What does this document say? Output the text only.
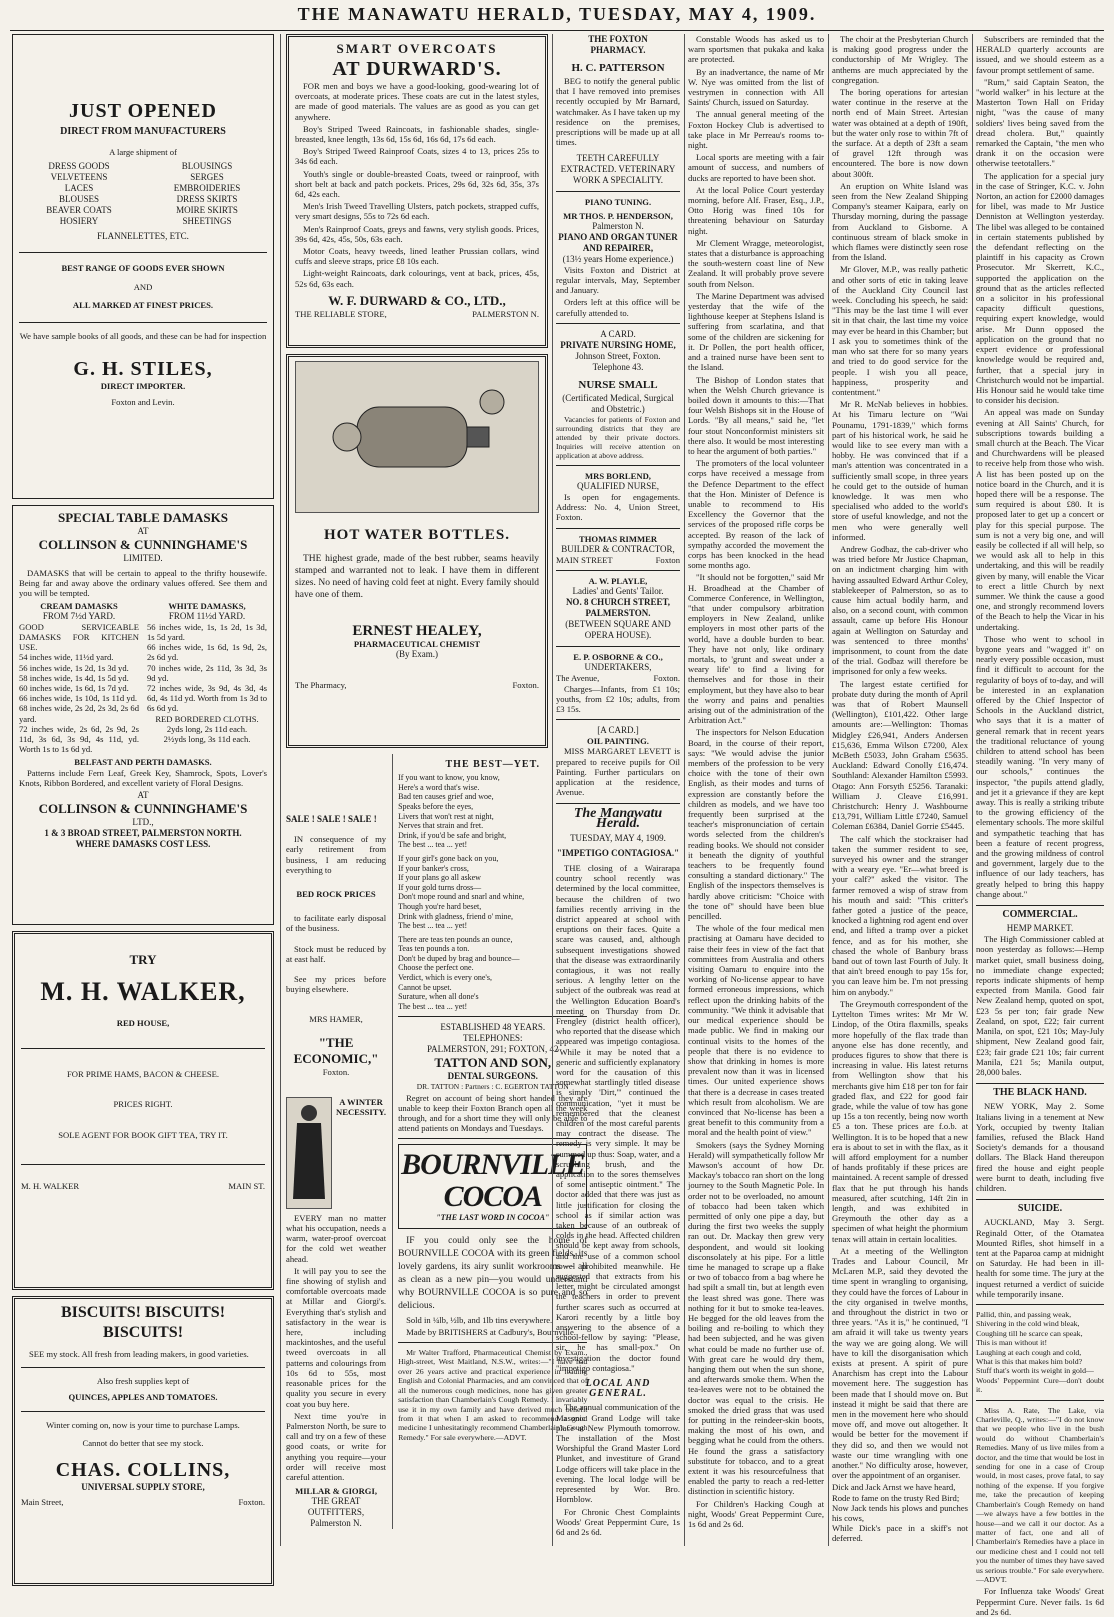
THE MANAWATU HERALD, TUESDAY, MAY 4, 1909.
JUST OPENED
DIRECT FROM MANUFACTURERS
A large shipment of
DRESS GOODS
VELVETEENS
LACES
BLOUSES
BEAVER COATS
HOSIERY
BLOUSINGS
SERGES
EMBROIDERIES
DRESS SKIRTS
MOIRE SKIRTS
SHEETINGS
FLANNELETTES, ETC.
BEST RANGE OF GOODS EVER SHOWN
AND
ALL MARKED AT FINEST PRICES.
We have sample books of all goods, and these can be had for inspection
G. H. STILES,
DIRECT IMPORTER.
Foxton and Levin.
SPECIAL TABLE DAMASKS
AT
COLLINSON & CUNNINGHAME'S
LIMITED.

DAMASKS that will be certain to appeal to the thrifty housewife. Being far and away above the ordinary values offered. See them and you will be tempted.

CREAM DAMASKS
FROM 7½d YARD.
GOOD SERVICEABLE DAMASKS FOR KITCHEN USE.
54 inches wide, 11½d yard.
56 inches wide, 1s 2d, 1s 3d yd.
58 inches wide, 1s 4d, 1s 5d yd.
60 inches wide, 1s 6d, 1s 7d yd.
66 inches wide, 1s 10d, 1s 11d yd.
68 inches wide, 2s 2d, 2s 3d, 2s 6d yard.
72 inches wide, 2s 6d, 2s 9d, 2s 11d, 3s 6d, 3s 9d, 4s 11d, yd. Worth 1s to 1s 6d yd.
WHITE DAMASKS,
FROM 11½d YARD.
56 inches wide, 1s, 1s 2d, 1s 3d, 1s 5d yard.
66 inches wide, 1s 6d, 1s 9d, 2s, 2s 6d yd.
70 inches wide, 2s 11d, 3s 3d, 3s 9d yd.
72 inches wide, 3s 9d, 4s 3d, 4s 6d, 4s 11d yd. Worth from 1s 3d to 6s 6d yd.
RED BORDERED CLOTHS.
2yds long, 2s 11d each.
2½yds long, 3s 11d each.
BELFAST AND PERTH DAMASKS.

Patterns include Fern Leaf, Greek Key, Shamrock, Spots, Lover's Knots, Ribbon Bordered, and excellent variety of Floral Designs.

AT
COLLINSON & CUNNINGHAME'S
LTD.,
1 & 3 BROAD STREET, PALMERSTON NORTH.
WHERE DAMASKS COST LESS.
TRY
M. H. WALKER,
RED HOUSE,
FOR PRIME HAMS, BACON & CHEESE.
PRICES RIGHT.
SOLE AGENT FOR BOOK GIFT TEA, TRY IT.
M. H. WALKER	MAIN ST.
BISCUITS! BISCUITS! BISCUITS!

SEE my stock. All fresh from leading makers, in good varieties.

Also fresh supplies kept of
QUINCES, APPLES AND TOMATOES.
Winter coming on, now is your time to purchase Lamps.
Cannot do better that see my stock.
CHAS. COLLINS,
UNIVERSAL SUPPLY STORE,
Main Street,	Foxton.
SMART OVERCOATS
AT DURWARD'S.

FOR men and boys we have a good-looking, good-wearing lot of overcoats, at moderate prices. These coats are cut in the latest styles, are made of good materials. The values are as good as you can get anywhere.

Boy's Striped Tweed Raincoats, in fashionable shades, single-breasted, knee length, 13s 6d, 15s 6d, 16s 6d, 17s 6d each.

Boy's Striped Tweed Rainproof Coats, sizes 4 to 13, prices 25s to 34s 6d each.

Youth's single or double-breasted Coats, tweed or rainproof, with short belt at back and patch pockets. Prices, 29s 6d, 32s 6d, 35s, 37s 6d, 42s each.

Men's Irish Tweed Travelling Ulsters, patch pockets, strapped cuffs, very smart designs, 55s to 72s 6d each.

Men's Rainproof Coats, greys and fawns, very stylish goods. Prices, 39s 6d, 42s, 45s, 50s, 63s each.

Motor Coats, heavy tweeds, lined leather Prussian collars, wind cuffs and sleeve straps, price £8 10s each.

Light-weight Raincoats, dark colourings, vent at back, prices, 45s, 52s 6d, 63s each.

W. F. DURWARD & CO., LTD.,
THE RELIABLE STORE,	PALMERSTON N.
HOT WATER BOTTLES.

THE highest grade, made of the best rubber, seams heavily stamped and warranted not to leak. I have them in different sizes. No need of having cold feet at night. Every family should have one of them.

ERNEST HEALEY,
PHARMACEUTICAL CHEMIST
(By Exam.)
The Pharmacy,	Foxton.
SALE ! SALE ! SALE !

IN consequence of my early retirement from business, I am reducing everything to

BED ROCK PRICES

to facilitate early disposal of the business.

Stock must be reduced by at east half.

See my prices before buying elsewhere.

MRS HAMER,
"THE ECONOMIC,"
Foxton.
A WINTER
NECESSITY.

EVERY man no matter what his occupation, needs a warm, water-proof overcoat for the cold wet weather ahead.

It will pay you to see the fine showing of stylish and comfortable overcoats made at Millar and Giorgi's. Everything that's stylish and satisfactory in the wear is here, including mackintoshes, and the useful tweed overcoats in all patterns and colourings from 10s 6d to 55s, most reasonable prices for the quality you secure in every coat you buy here.

Next time you're in Palmerston North, be sure to call and try on a few of these good coats, or write for anything you require—your order will receive most careful attention.

MILLAR & GIORGI,
THE GREAT OUTFITTERS,
Palmerston N.
THE BEST—YET.
If you want to know, you know,
Here's a word that's wise.
Bad ten causes grief and woe,
Speaks before the eyes,
Livers that won't rest at night,
Nerves that strain and fret.
Drink, if you'd be safe and bright,
The best ... tea ... yet!
If your girl's gone back on you,
If your banker's cross,
If your plans go all askew
If your gold turns dross—
Don't mope round and snarl and whine,
Though you're hard beset,
Drink with gladness, friend o' mine,
The best ... tea ... yet!
There are teas ten pounds an ounce,
Teas ten pounds a ton.
Don't be duped by brag and bounce—
Choose the perfect one.
Verdict, which is every one's,
Cannot be upset.
Surature, when all done's
The best ... tea ... yet!
ESTABLISHED 48 YEARS.
TELEPHONES:
PALMERSTON, 291; FOXTON, 42
TATTON AND SON,
DENTAL SURGEONS.
DR. TATTON : Partners : C. EGERTON TATTON

Regret on account of being short handed they are unable to keep their Foxton Branch open all the week through, and for a short time they will only be able to attend patients on Mondays and Tuesdays.

BOURNVILLE
COCOA
"THE LAST WORD IN COCOA"

IF you could only see the home of BOURNVILLE COCOA with its green fields, its lovely gardens, its airy sunlit workrooms — all as clean as a new pin—you would understand why BOURNVILLE COCOA is so pure and so delicious.

Sold in ¼lb, ½lb, and 1lb tins everywhere.

Made by BRITISHERS at Cadbury's, Bournville.

Mr Walter Trafford, Pharmaceutical Chemist by Exam., High-street, West Maitland, N.S.W., writes:—"I have had over 26 years active and practical experience in leading English and Colonial Pharmacies, and am convinced that of all the numerous cough medicines, none has given greater satisfaction than Chamberlain's Cough Remedy. I invariably use it in my own family and have derived much benefit from it that when I am asked to recommend a good medicine I unhesitatingly recommend Chamberlain's Cough Remedy." For sale everywhere.—ADVT.

THE FOXTON
PHARMACY.
H. C. PATTERSON

BEG to notify the general public that I have removed into premises recently occupied by Mr Barnard, watchmaker. As I have taken up my residence on the premises, prescriptions will be made up at all times.

TEETH CAREFULLY EXTRACTED. VETERINARY WORK A SPECIALITY.
PIANO TUNING.
MR THOS. P. HENDERSON,
Palmerston N.
PIANO AND ORGAN TUNER AND REPAIRER,
(13½ years Home experience.)

Visits Foxton and District at regular intervals, May, September and January.

Orders left at this office will be carefully attended to.

A CARD.
PRIVATE NURSING HOME,
Johnson Street, Foxton.
Telephone 43.
NURSE SMALL
(Certificated Medical, Surgical and Obstetric.)

Vacancies for patients of Foxton and surrounding districts that they are attended by their private doctors. Inquiries will receive attention on application at above address.

MRS BORLEND,
QUALIFIED NURSE,

Is open for engagements. Address: No. 4, Union Street, Foxton.

THOMAS RIMMER
BUILDER & CONTRACTOR,
MAIN STREET	Foxton
A. W. PLAYLE,
Ladies' and Gents' Tailor.
NO. 8 CHURCH STREET, PALMERSTON.
(BETWEEN SQUARE AND OPERA HOUSE).
E. P. OSBORNE & CO.,
UNDERTAKERS,
The Avenue,	Foxton.

Charges—Infants, from £1 10s; youths, from £2 10s; adults, from £3 15s.

[A CARD.]
OIL PAINTING.

MISS MARGARET LEVETT is prepared to receive pupils for Oil Painting. Further particulars on application at the residence, Avenue.

The Manawatu Herald.
TUESDAY, MAY 4, 1909.
"IMPETIGO CONTAGIOSA."

THE closing of a Wairarapa country school recently was determined by the local committee, because the children of two families recently arriving in the district appeared at school with eruptions on their faces. Quite a scare was caused, and, although subsequent investigations showed that the disease was extraordinarily contagious, it was not really serious. A lengthy letter on the subject of the outbreak was read at the Wellington Education Board's meeting on Thursday from Dr. Frengley (district health officer), who reported that the disease which appeared was impetigo contagiosa. "While it may be noted that a generic and sufficiently explanatory word for the causation of this somewhat startlingly titled disease is simply 'Dirt,'" continued the communication, "yet it must be remembered that the cleanest children of the most careful parents may contract the disease. The remedy is very simple. It may be summed up thus: Soap, water, and a scrubbing brush, and the application to the sores themselves of some antiseptic ointment." The doctor added that there was just as little justification for closing the school as if similar action was taken because of an outbreak of colds in the head. Affected children should be kept away from schools, and the use of a common school towel prohibited meanwhile. He suggested that extracts from his letter might be circulated amongst the teachers in order to prevent further scares such as occurred at Karori recently by a little boy answering to the absence of a school-fellow by saying: "Please, sir, he has small-pox." On investigation the doctor found "impetigo contagiosa."

LOCAL AND GENERAL.

The annual communication of the Masonic Grand Lodge will take place at New Plymouth tomorrow. The installation of the Most Worshipful the Grand Master Lord Plunket, and investiture of Grand Lodge officers will take place in the evening. The local lodge will be represented by Wor. Bro. Hornblow.

For Chronic Chest Complaints Woods' Great Peppermint Cure, 1s 6d and 2s 6d.

Constable Woods has asked us to warn sportsmen that pukaka and kaka are protected.

By an inadvertance, the name of Mr W. Nye was omitted from the list of vestrymen in connection with All Saints' Church, issued on Saturday.

The annual general meeting of the Foxton Hockey Club is advertised to take place in Mr Perreau's rooms to-night.

Local sports are meeting with a fair amount of success, and numbers of ducks are reported to have been shot.

At the local Police Court yesterday morning, before Alf. Fraser, Esq., J.P., Otto Horig was fined 10s for threatening behaviour on Saturday night.

Mr Clement Wragge, meteorologist, states that a disturbance is approaching the south-western coast line of New Zealand. It will probably prove severe south from Nelson.

The Marine Department was advised yesterday that the wife of the lighthouse keeper at Stephens Island is suffering from scarlatina, and that some of the children are sickening for it. Dr Pollen, the port health officer, and a trained nurse have been sent to the Island.

The Bishop of London states that when the Welsh Church grievance is boiled down it amounts to this:—That four Welsh Bishops sit in the House of Lords. "By all means," said he, "let four stout Nonconformist ministers sit there also. It would be most interesting to hear the argument of both parties."

The promoters of the local volunteer corps have received a message from the Defence Department to the effect that the Hon. Minister of Defence is unable to recommend to His Excellency the Governor that the services of the proposed rifle corps be accepted. By reason of the lack of sympathy accorded the movement the corps has been knocked in the head some months ago.

"It should not be forgotten," said Mr H. Broadhead at the Chamber of Commerce Conference, in Wellington, "that under compulsory arbitration employers in New Zealand, unlike employers in most other parts of the world, have a double burden to bear. They have not only, like ordinary mortals, to 'grunt and sweat under a weary life' to find a living for themselves and for those in their employment, but they have also to bear the worry and pains and penalties arising out of the administration of the Arbitration Act."

The inspectors for Nelson Education Board, in the course of their report, says: "We would advise the junior members of the profession to be very choice with the tone of their own English, as their modes and turns of expression are constantly before the children as models, and we have too frequently been surprised at the teacher's mispronunciation of certain words selected from the children's reading books. We should not consider it beneath the dignity of youthful teachers to be frequently found consulting a standard dictionary." The English of the inspectors themselves is hardly above criticism: "Choice with the tone of" should have been blue pencilled.

The whole of the four medical men practising at Oamaru have decided to raise their fees in view of the fact that committees from Australia and others visiting Oamaru to enquire into the working of No-license appear to have formed erroneous impressions, which reflect upon the drinking habits of the community. "We think it advisable that our medical experience should be made public. We find in making our continual visits to the homes of the people that there is no evidence to show that drinking in homes is more prevalent now than it was in licensed times. Our united experience shows that there is a decrease in cases treated which result from alcoholism. We are convinced that No-license has been a great benefit to this community from a moral and the health point of view."

Smokers (says the Sydney Morning Herald) will sympathetically follow Mr Mawson's account of how Dr. Mackay's tobacco ran short on the long journey to the South Magnetic Pole. In order not to be overloaded, no amount of tobacco had been taken which permitted of only one pipe a day, but during the first two weeks the supply ran out. Dr. Mackay then grew very despondent, and would sit looking disconsolately at his pipe. For a little time he managed to scrape up a flake or two of tobacco from a bag where he had spilt a small tin, but at length even the least shred was gone. There was nothing for it but to smoke tea-leaves. He begged for the old leaves from the boiling and re-boiling to which they had been subjected, and he was given what could be made no further use of. With great care he would dry them, hanging them out when the sun shone, and afterwards smoke them. When the tea-leaves were not to be obtained the doctor was equal to the crisis. He smoked the dried grass that was used for putting in the reindeer-skin boots, making the most of his own, and begging what he could from the others. He found the grass a satisfactory substitute for tobacco, and to a great extent it was his resourcefulness that enabled the party to reach a red-letter distinction in scientific history.

For Children's Hacking Cough at night, Woods' Great Peppermint Cure, 1s 6d and 2s 6d.

The choir at the Presbyterian Church is making good progress under the conductorship of Mr Wrigley. The anthems are much appreciated by the congregation.

The boring operations for artesian water continue in the reserve at the north end of Main Street. Artesian water was obtained at a depth of 190ft, but the water only rose to within 7ft of the surface. At a depth of 23ft a seam of gravel 12ft through was encountered. The bore is now down about 300ft.

An eruption on White Island was seen from the New Zealand Shipping Company's steamer Kaipara, early on Thursday morning, during the passage from Auckland to Gisborne. A continuous stream of black smoke in which flames were distinctly seen rose from the Island.

Mr Glover, M.P., was really pathetic and other sorts of etic in taking leave of the Auckland City Council last week. Concluding his speech, he said: "This may be the last time I will ever sit in that chair, the last time my voice may ever be heard in this Chamber; but I ask you to sometimes think of the man who sat there for so many years and tried to do good service for the people. I wish you all peace, happiness, prosperity and contentment."

Mr R. McNab believes in hobbies. At his Timaru lecture on "Wai Pounamu, 1791-1839," which forms part of his historical work, he said he would like to see every man with a hobby. He was convinced that if a man's attention was concentrated in a sufficiently small scope, in three years he could get to the outside of human knowledge. It was men who specialised who added to the world's store of useful knowledge, and not the men who were generally well informed.

Andrew Godbaz, the cab-driver who was tried before Mr Justice Chapman, on an indictment charging him with having assaulted Edward Arthur Coley, stablekeeper of Palmerston, so as to cause him actual bodily harm, and also, on a second count, with common assault, came up before His Honour again at Wellington on Saturday and was sentenced to three months' imprisonment, to count from the date of the trial. Godbaz will therefore be imprisoned for only a few weeks.

The largest estate certified for probate duty during the month of April was that of Robert Maunsell (Wellington), £101,422. Other large amounts are:—Wellington: Thomas Midgley £26,941, Anders Andersen £15,636, Emma Wilson £7200, Alex McBeth £5033, John Graham £5635. Auckland: Edward Conolly £16,474. Southland: Alexander Hamilton £5993. Otago: Ann Forsyth £5256. Taranaki: William J. Cleave £16,991. Christchurch: Henry J. Washbourne £13,791, William Little £7240, Samuel Coleman £6384, Daniel Gorrie £5445.

The calf which the stockraiser had taken the summer resident to see, surveyed his owner and the stranger with a weary eye. "Er—what breed is your calf?" asked the visitor. The farmer removed a wisp of straw from his mouth and said: "This critter's father goted a justice of the peace, knocked a lightning rod agent end over end, and lifted a tramp over a picket fence, and as for his mother, she chased the whole of Banbury brass band out of town last Fourth of July. It that ain't breed enough to pay 15s for, you can leave him be. I'm not pressing him on anybody."

The Greymouth correspondent of the Lyttelton Times writes: Mr Mr W. Lindop, of the Otira flaxmills, speaks more hopefully of the flax trade than anyone else has done recently, and produces figures to show that there is increasing in value. His latest returns from Wellington show that his merchants give him £18 per ton for fair graded flax, and £22 for good fair grade, while the value of tow has gone up 15s a ton recently, being now worth £5 a ton. These prices are f.o.b. at Wellington. It is to be hoped that a new era is about to set in with the flax, as it will afford employment for a number of hands profitably if these prices are maintained. A recent sample of dressed flax that he put through his hands measured, after scutching, 14ft 2in in length, and was exhibited in Greymouth the other day as a specimen of what height the phormium tenax will attain in certain localities.

At a meeting of the Wellington Trades and Labour Council, Mr McLaren M.P., said they devoted the time spent in wrangling to organising, they could have the forces of Labour in the city organised in twelve months, and throughout the district in two or three years. "As it is," he continued, "I am afraid it will take us twenty years the way we are going along. We will have to kill the disorganisation which exists at present. A spirit of pure Anarchism has crept into the Labour movement here. The suggestion has been made that I should move on. But instead it might be said that there are men in the movement here who should move off, and move out altogether. It would be better for the movement if they did so, and then we would not waste our time wrangling with one another." No difficulty arose, however, over the appointment of an organiser.

Dick and Jack Arnst we have heard,
Rode to fame on the trusty Red Bird;
Now Jack tends his plows and punches his cows,
While Dick's pace in a skiff's not deferred.

Subscribers are reminded that the HERALD quarterly accounts are issued, and we should esteem as a favour prompt settlement of same.

"Rum," said Captain Seaton, the "world walker" in his lecture at the Masterton Town Hall on Friday night, "was the cause of many soldiers' lives being saved from the dread cholera. But," quaintly remarked the Captain, "the men who drank it on the occasion were otherwise teetotallers."

The application for a special jury in the case of Stringer, K.C. v. John Norton, an action for £2000 damages for libel, was made to Mr Justice Denniston at Wellington yesterday. The libel was alleged to be contained in certain statements published by the defendant reflecting on the plaintiff in his capacity as Crown Prosecutor. Mr Skerrett, K.C., supported the application on the ground that as the articles reflected on a solicitor in his professional capacity difficult questions, requiring expert knowledge, would arise. Mr Dunn opposed the application on the ground that no expert evidence or professional knowledge would be required and, further, that a special jury in Christchurch would not be impartial. His Honour said he would take time to consider his decision.

An appeal was made on Sunday evening at All Saints' Church, for subscriptions towards building a small church at the Beach. The Vicar and Churchwardens will be pleased to receive help from those who wish. A list has been posted up on the notice board in the Church, and it is hoped there will be a response. The sum required is about £80. It is proposed later to get up a concert or play for this special purpose. The sum is not a very big one, and will easily be collected if all will help, so we would ask all to help in this undertaking, and this will be readily given by many, will enable the Vicar to erect a little Church by next summer. We think the cause a good one, and strongly recommend lovers of the Beach to help the Vicar in his undertaking.

Those who went to school in bygone years and "wagged it" on nearly every possible occasion, must find it difficult to account for the regularity of boys of to-day, and will be interested in an explanation offered by the Chief Inspector of Schools in the Auckland district, who says that it is a matter of general remark that in recent years the traditional reluctance of young children to attend school has been steadily waning. "In very many of our schools," continues the inspector, "the pupils attend gladly, and jet it a grievance if they are kept away. This is really a striking tribute to the growing efficiency of the elementary schools. The more skilful and sympathetic teaching that has been a feature of recent progress, and the growing mildness of control and government, largely due to the influence of our lady teachers, has greatly helped to bring this happy change about."

COMMERCIAL.
HEMP MARKET.

The High Commissioner cabled at noon yesterday as follows:—Hemp market quiet, small business doing, no immediate change expected; reports indicate shipments of hemp expected from Manila. Good fair New Zealand hemp, quoted on spot, £23 5s per ton; fair grade New Zealand, on spot, £22; fair current Manila, on spot, £21 10s; May-July shipment, New Zealand good fair, £23; fair grade £21 10s; fair current Manila, £21 5s; Manila output, 28,000 bales.

THE BLACK HAND.

NEW YORK, May 2. Some Italians living in a tenement at New York, occupied by twenty Italian families, refused the Black Hand Society's demands for a thousand dollars. The Black Hand thereupon fired the house and eight people were burnt to death, including five children.

SUICIDE.

AUCKLAND, May 3. Sergt. Reginald Otter, of the Otamatea Mounted Rifles, shot himself in a tent at the Paparoa camp at midnight on Saturday. He had been in ill-health for some time. The jury at the inquest returned a verdict of suicide while temporarily insane.

Pallid, thin, and passing weak,
Shivering in the cold wind bleak,
Coughing till he scarce can speak,
This is man without it!
Laughing at each cough and cold,
What is this that makes him bold?
Stuff that's worth its weight in gold—
Woods' Peppermint Cure—don't doubt it.

Miss A. Rate, The Lake, via Charleville, Q., writes:—"I do not know that we people who live in the bush would do without Chamberlain's Remedies. Many of us live miles from a doctor, and the time that would be lost in sending for one in a case of Croup would, in most cases, prove fatal, to say nothing of the expense. If you forgive me, take the precaution of keeping Chamberlain's Cough Remedy on hand—we always have a few bottles in the house—and we call it our doctor. As a matter of fact, one and all of Chamberlain's Remedies have a place in our medicine chest and I could not tell you the number of times they have saved us serious trouble." For sale everywhere.—ADVT.

For Influenza take Woods' Great Peppermint Cure. Never fails. 1s 6d and 2s 6d.
